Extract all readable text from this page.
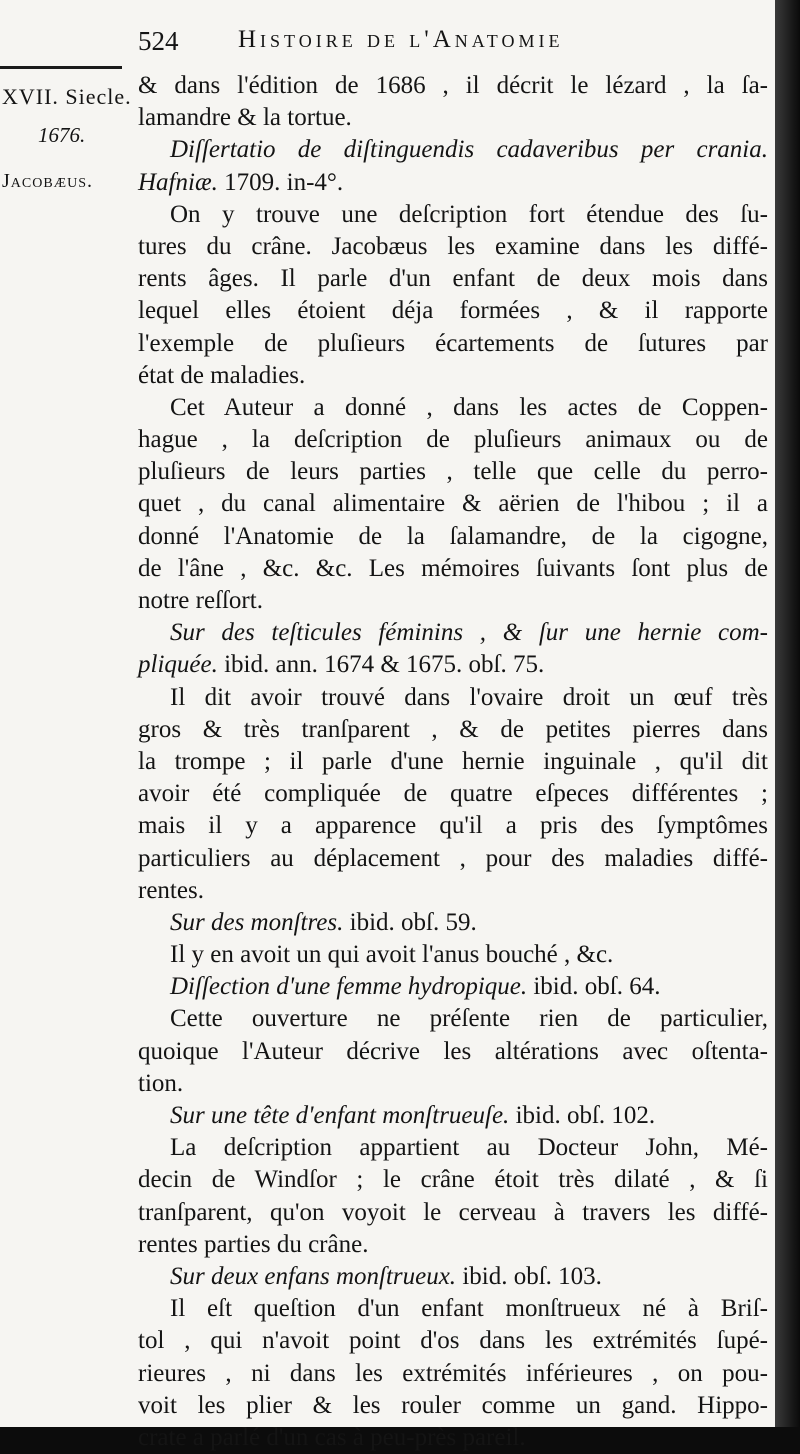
524 Histoire de l'Anatomie
XVII. Siecle.
1676.
Jacobæus.
& dans l'édition de 1686 , il décrit le lézard , la ſa-
lamandre & la tortue.
Diſſertatio de diſtinguendis cadaveribus per crania.
Hafniæ. 1709. in-4°.
On y trouve une deſcription fort étendue des ſu-
tures du crâne. Jacobæus les examine dans les diffé-
rents âges. Il parle d'un enfant de deux mois dans
lequel elles étoient déja formées , & il rapporte
l'exemple de pluſieurs écartements de ſutures par
état de maladies.
Cet Auteur a donné , dans les actes de Coppen-
hague , la deſcription de pluſieurs animaux ou de
pluſieurs de leurs parties , telle que celle du perro-
quet , du canal alimentaire & aërien de l'hibou ; il a
donné l'Anatomie de la ſalamandre, de la cigogne,
de l'âne , &c. &c. Les mémoires ſuivants ſont plus de
notre reſſort.
Sur des teſticules féminins , & ſur une hernie com-
pliquée. ibid. ann. 1674 & 1675. obſ. 75.
Il dit avoir trouvé dans l'ovaire droit un œuf très
gros & très tranſparent , & de petites pierres dans
la trompe ; il parle d'une hernie inguinale , qu'il dit
avoir été compliquée de quatre eſpeces différentes ;
mais il y a apparence qu'il a pris des ſymptômes
particuliers au déplacement , pour des maladies diffé-
rentes.
Sur des monſtres. ibid. obſ. 59.
Il y en avoit un qui avoit l'anus bouché , &c.
Diſſection d'une femme hydropique. ibid. obſ. 64.
Cette ouverture ne préſente rien de particulier,
quoique l'Auteur décrive les altérations avec oſtenta-
tion.
Sur une tête d'enfant monſtrueuſe. ibid. obſ. 102.
La deſcription appartient au Docteur John, Mé-
decin de Windſor ; le crâne étoit très dilaté , & ſi
tranſparent, qu'on voyoit le cerveau à travers les diffé-
rentes parties du crâne.
Sur deux enfans monſtrueux. ibid. obſ. 103.
Il eſt queſtion d'un enfant monſtrueux né à Briſ-
tol , qui n'avoit point d'os dans les extrémités ſupé-
rieures , ni dans les extrémités inférieures , on pou-
voit les plier & les rouler comme un gand. Hippo-
crate a parlé d'un cas à peu-près pareil.
